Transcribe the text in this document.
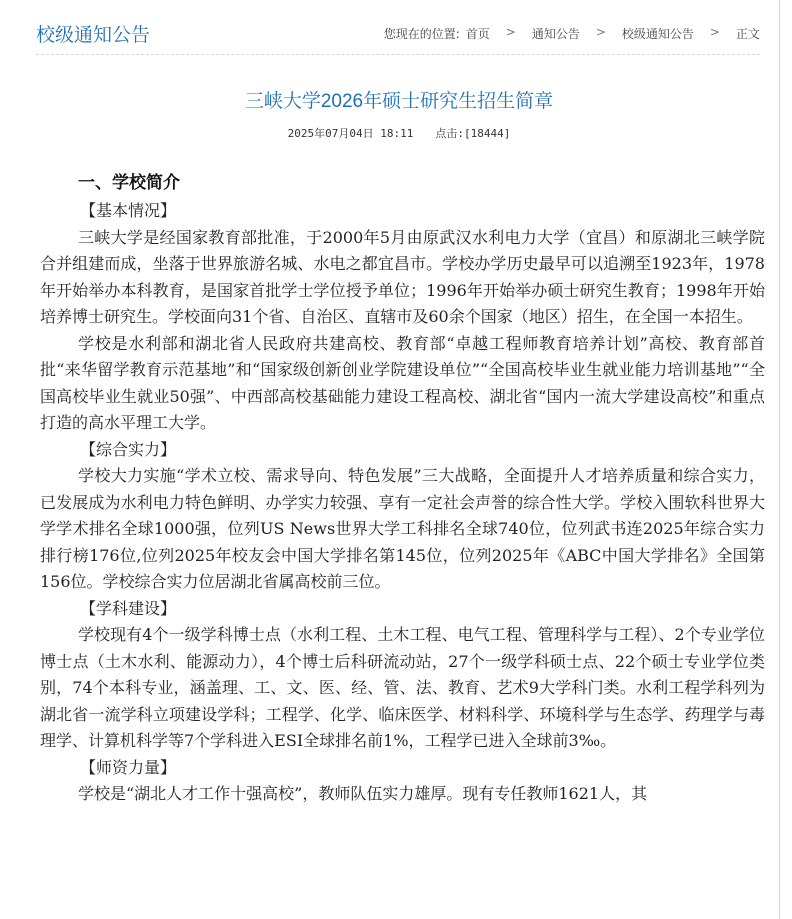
校级通知公告	您现在的位置: 首页 > 通知公告 > 校级通知公告 > 正文
三峡大学2026年硕士研究生招生简章
2025年07月04日 18:11 点击:[18444]

一、学校简介

【基本情况】

三峡大学是经国家教育部批准，于2000年5月由原武汉水利电力大学（宜昌）和原湖北三峡学院合并组建而成，坐落于世界旅游名城、水电之都宜昌市。学校办学历史最早可以追溯至1923年，1978年开始举办本科教育，是国家首批学士学位授予单位；1996年开始举办硕士研究生教育；1998年开始培养博士研究生。学校面向31个省、自治区、直辖市及60余个国家（地区）招生，在全国一本招生。

学校是水利部和湖北省人民政府共建高校、教育部“卓越工程师教育培养计划”高校、教育部首批“来华留学教育示范基地”和“国家级创新创业学院建设单位”“全国高校毕业生就业能力培训基地”“全国高校毕业生就业50强”、中西部高校基础能力建设工程高校、湖北省“国内一流大学建设高校”和重点打造的高水平理工大学。

【综合实力】

学校大力实施“学术立校、需求导向、特色发展”三大战略，全面提升人才培养质量和综合实力，已发展成为水利电力特色鲜明、办学实力较强、享有一定社会声誉的综合性大学。学校入围软科世界大学学术排名全球1000强，位列US News世界大学工科排名全球740位，位列武书连2025年综合实力排行榜176位,位列2025年校友会中国大学排名第145位，位列2025年《ABC中国大学排名》全国第156位。学校综合实力位居湖北省属高校前三位。

【学科建设】

学校现有4个一级学科博士点（水利工程、土木工程、电气工程、管理科学与工程）、2个专业学位博士点（土木水利、能源动力），4个博士后科研流动站，27个一级学科硕士点、22个硕士专业学位类别，74个本科专业，涵盖理、工、文、医、经、管、法、教育、艺术9大学科门类。水利工程学科列为湖北省一流学科立项建设学科；工程学、化学、临床医学、材料科学、环境科学与生态学、药理学与毒理学、计算机科学等7个学科进入ESI全球排名前1%，工程学已进入全球前3‰。

【师资力量】

学校是“湖北人才工作十强高校”，教师队伍实力雄厚。现有专任教师1621人，其
